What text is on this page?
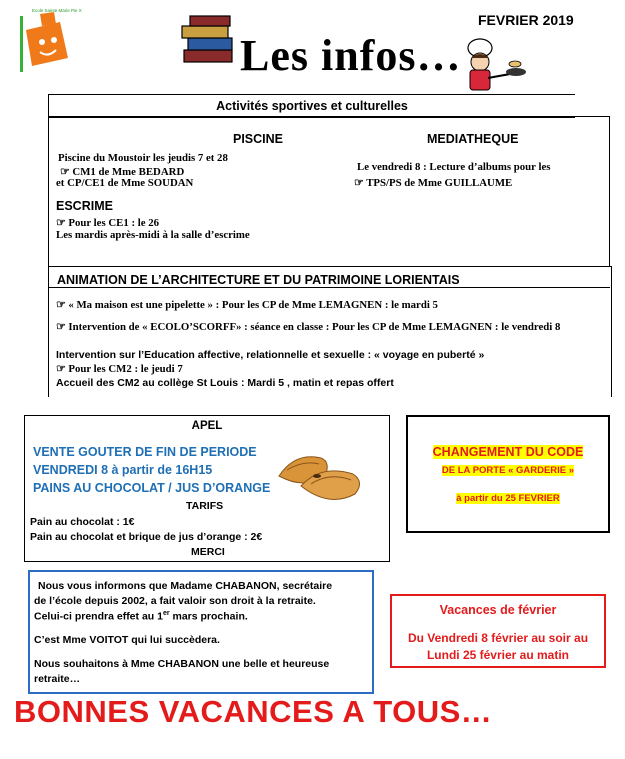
Ecole Sainte Marie Pie X
Les infos…
FEVRIER 2019
Activités sportives et culturelles
PISCINE
Piscine du Moustoir les jeudis 7 et 28
☞ CM1 de Mme BEDARD
et CP/CE1 de Mme SOUDAN
MEDIATHEQUE
Le vendredi 8 : Lecture d’albums pour les
☞ TPS/PS de Mme GUILLAUME
ESCRIME
☞ Pour les CE1 : le 26
Les mardis après-midi à la salle d’escrime
ANIMATION DE L’ARCHITECTURE ET DU PATRIMOINE LORIENTAIS
☞ « Ma maison est une pipelette » : Pour les CP de Mme LEMAGNEN : le mardi 5
☞ Intervention de « ECOLO’SCORFF» : séance en classe : Pour les CP de Mme LEMAGNEN : le vendredi 8
Intervention sur l’Education affective, relationnelle et sexuelle : « voyage en puberté »
☞ Pour les CM2 : le jeudi 7
Accueil des CM2 au collège St Louis : Mardi 5 , matin et repas offert
APEL
VENTE GOUTER DE FIN DE PERIODE
VENDREDI 8 à partir de 16H15
PAINS AU CHOCOLAT / JUS D’ORANGE
TARIFS
Pain au chocolat : 1€
Pain au chocolat et brique de jus d’orange : 2€
MERCI
CHANGEMENT DU CODE
DE LA PORTE « GARDERIE »
à partir du 25 FEVRIER
Nous vous informons que Madame CHABANON, secrétaire
de l’école depuis 2002, a fait valoir son droit à la retraite.
Celui-ci prendra effet au 1er mars prochain.
C’est Mme VOITOT qui lui succèdera.
Nous souhaitons à Mme CHABANON une belle et heureuse
retraite…
Vacances de février
Du Vendredi 8 février au soir au
Lundi 25 février au matin
BONNES VACANCES A TOUS…
